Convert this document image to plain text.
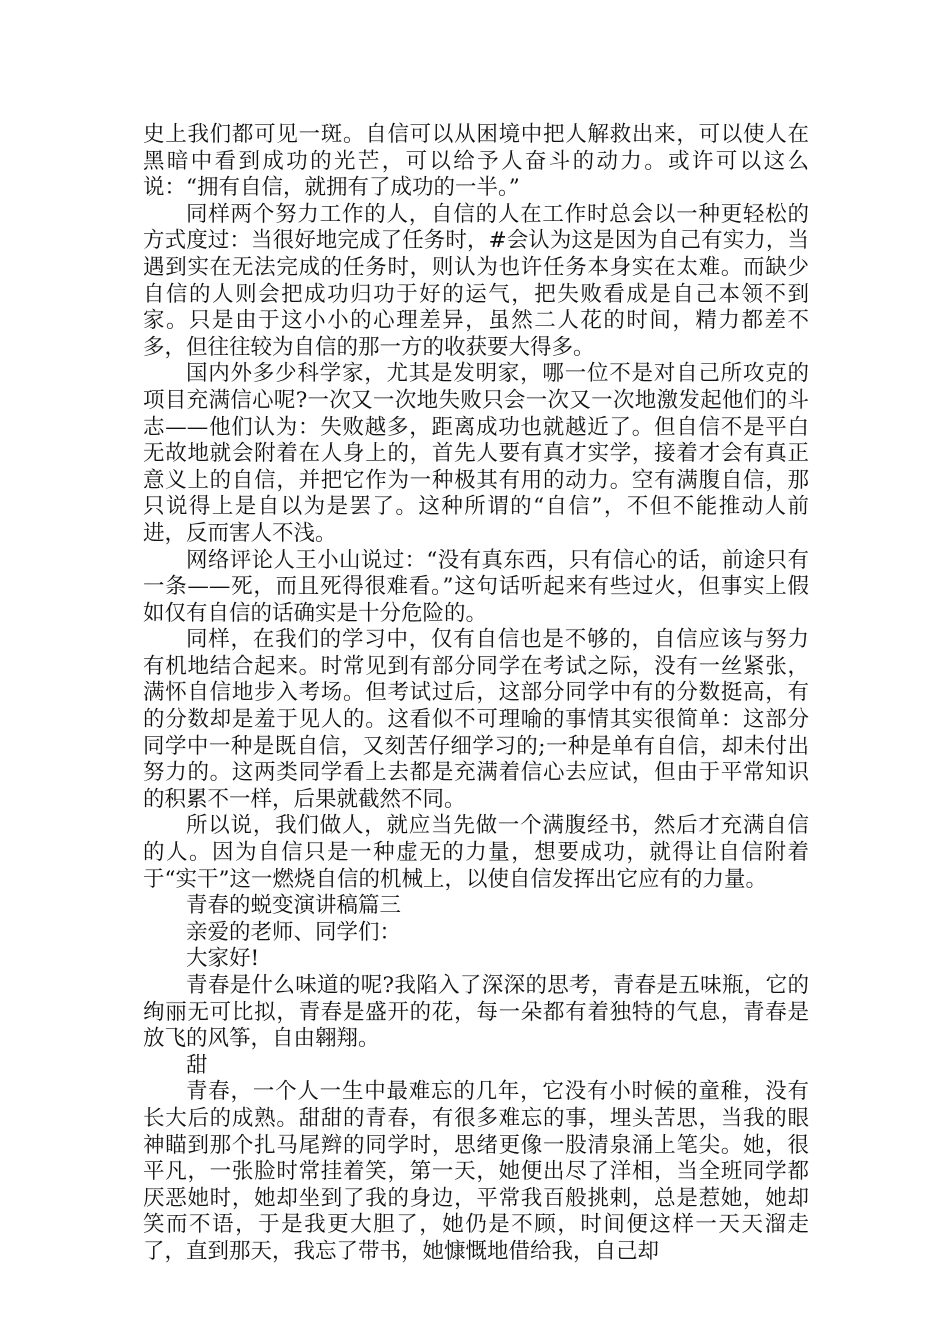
史上我们都可见一斑。自信可以从困境中把人解救出来，可以使人在黑暗中看到成功的光芒，可以给予人奋斗的动力。或许可以这么说：“拥有自信，就拥有了成功的一半。”

同样两个努力工作的人，自信的人在工作时总会以一种更轻松的方式度过：当很好地完成了任务时，#会认为这是因为自己有实力，当遇到实在无法完成的任务时，则认为也许任务本身实在太难。而缺少自信的人则会把成功归功于好的运气，把失败看成是自己本领不到家。只是由于这小小的心理差异，虽然二人花的时间，精力都差不多，但往往较为自信的那一方的收获要大得多。

国内外多少科学家，尤其是发明家，哪一位不是对自己所攻克的项目充满信心呢?一次又一次地失败只会一次又一次地激发起他们的斗志——他们认为：失败越多，距离成功也就越近了。但自信不是平白无故地就会附着在人身上的，首先人要有真才实学，接着才会有真正意义上的自信，并把它作为一种极其有用的动力。空有满腹自信，那只说得上是自以为是罢了。这种所谓的“自信”，不但不能推动人前进，反而害人不浅。

网络评论人王小山说过：“没有真东西，只有信心的话，前途只有一条——死，而且死得很难看。”这句话听起来有些过火，但事实上假如仅有自信的话确实是十分危险的。

同样，在我们的学习中，仅有自信也是不够的，自信应该与努力有机地结合起来。时常见到有部分同学在考试之际，没有一丝紧张，满怀自信地步入考场。但考试过后，这部分同学中有的分数挺高，有的分数却是羞于见人的。这看似不可理喻的事情其实很简单：这部分同学中一种是既自信，又刻苦仔细学习的;一种是单有自信，却未付出努力的。这两类同学看上去都是充满着信心去应试，但由于平常知识的积累不一样，后果就截然不同。

所以说，我们做人，就应当先做一个满腹经书，然后才充满自信的人。因为自信只是一种虚无的力量，想要成功，就得让自信附着于“实干”这一燃烧自信的机械上，以使自信发挥出它应有的力量。

青春的蜕变演讲稿篇三

亲爱的老师、同学们：

大家好!

青春是什么味道的呢?我陷入了深深的思考，青春是五味瓶，它的绚丽无可比拟，青春是盛开的花，每一朵都有着独特的气息，青春是放飞的风筝，自由翱翔。

甜

青春，一个人一生中最难忘的几年，它没有小时候的童稚，没有长大后的成熟。甜甜的青春，有很多难忘的事，埋头苦思，当我的眼神瞄到那个扎马尾辫的同学时，思绪更像一股清泉涌上笔尖。她，很平凡，一张脸时常挂着笑，第一天，她便出尽了洋相，当全班同学都厌恶她时，她却坐到了我的身边，平常我百般挑剌，总是惹她，她却笑而不语，于是我更大胆了，她仍是不顾，时间便这样一天天溜走了，直到那天，我忘了带书，她慷慨地借给我，自己却
